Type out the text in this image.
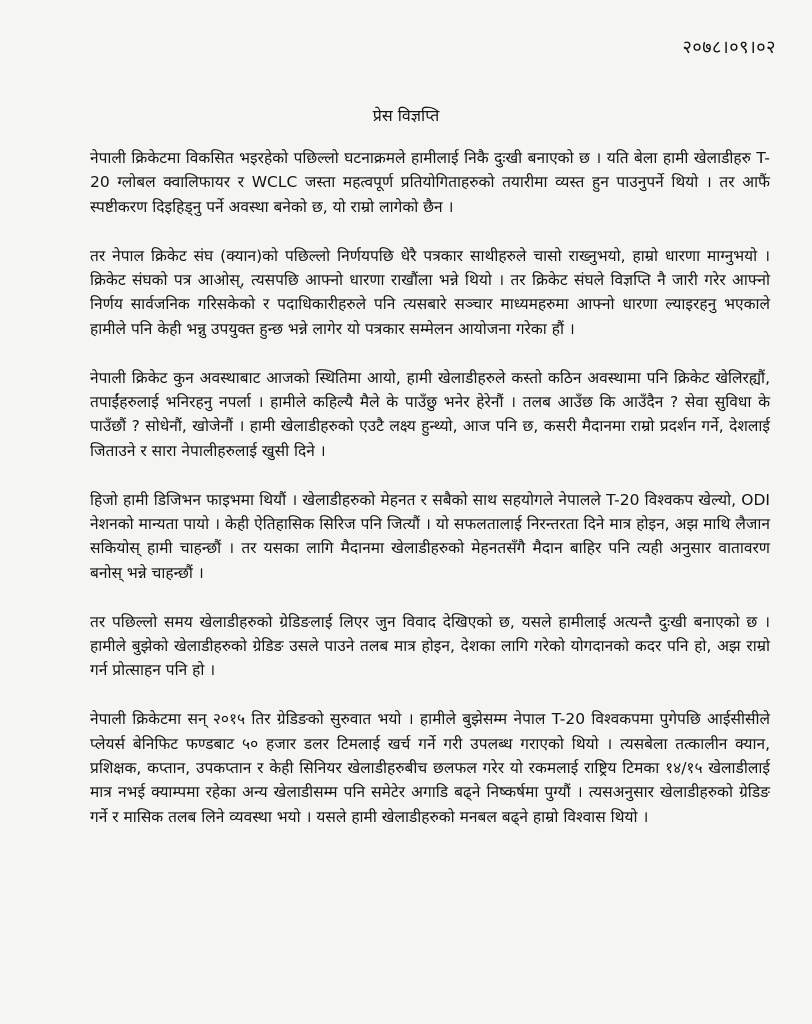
२०७८।०९।०२
प्रेस विज्ञप्ति

नेपाली क्रिकेटमा विकसित भइरहेको पछिल्लो घटनाक्रमले हामीलाई निकै दुःखी बनाएको छ । यति बेला हामी खेलाडीहरु T-20 ग्लोबल क्वालिफायर र WCLC जस्ता महत्वपूर्ण प्रतियोगिताहरुको तयारीमा व्यस्त हुन पाउनुपर्ने थियो । तर आफैं स्पष्टीकरण दिइहिड्नु पर्ने अवस्था बनेको छ, यो राम्रो लागेको छैन ।

तर नेपाल क्रिकेट संघ (क्यान)को पछिल्लो निर्णयपछि धेरै पत्रकार साथीहरुले चासो राख्नुभयो, हाम्रो धारणा माग्नुभयो । क्रिकेट संघको पत्र आओस्, त्यसपछि आफ्नो धारणा राखौंला भन्ने थियो । तर क्रिकेट संघले विज्ञप्ति नै जारी गरेर आफ्नो निर्णय सार्वजनिक गरिसकेको र पदाधिकारीहरुले पनि त्यसबारे सञ्चार माध्यमहरुमा आफ्नो धारणा ल्याइरहनु भएकाले हामीले पनि केही भन्नु उपयुक्त हुन्छ भन्ने लागेर यो पत्रकार सम्मेलन आयोजना गरेका हौं ।

नेपाली क्रिकेट कुन अवस्थाबाट आजको स्थितिमा आयो, हामी खेलाडीहरुले कस्तो कठिन अवस्थामा पनि क्रिकेट खेलिरह्यौं, तपाईंहरुलाई भनिरहनु नपर्ला । हामीले कहिल्यै मैले के पाउँछु भनेर हेरेनौं । तलब आउँछ कि आउँदैन ? सेवा सुविधा के पाउँछौं ? सोधेनौं, खोजेनौं । हामी खेलाडीहरुको एउटै लक्ष्य हुन्थ्यो, आज पनि छ, कसरी मैदानमा राम्रो प्रदर्शन गर्ने, देशलाई जिताउने र सारा नेपालीहरुलाई खुसी दिने ।

हिजो हामी डिजिभन फाइभमा थियौं । खेलाडीहरुको मेहनत र सबैको साथ सहयोगले नेपालले T-20 विश्वकप खेल्यो, ODI नेशनको मान्यता पायो । केही ऐतिहासिक सिरिज पनि जित्यौं । यो सफलतालाई निरन्तरता दिने मात्र होइन, अझ माथि लैजान सकियोस् हामी चाहन्छौं । तर यसका लागि मैदानमा खेलाडीहरुको मेहनतसँगै मैदान बाहिर पनि त्यही अनुसार वातावरण बनोस् भन्ने चाहन्छौं ।

तर पछिल्लो समय खेलाडीहरुको ग्रेडिङलाई लिएर जुन विवाद देखिएको छ, यसले हामीलाई अत्यन्तै दुःखी बनाएको छ । हामीले बुझेको खेलाडीहरुको ग्रेडिङ उसले पाउने तलब मात्र होइन, देशका लागि गरेको योगदानको कदर पनि हो, अझ राम्रो गर्न प्रोत्साहन पनि हो ।

नेपाली क्रिकेटमा सन् २०१५ तिर ग्रेडिङको सुरुवात भयो । हामीले बुझेसम्म नेपाल T-20 विश्वकपमा पुगेपछि आईसीसीले प्लेयर्स बेनिफिट फण्डबाट ५० हजार डलर टिमलाई खर्च गर्ने गरी उपलब्ध गराएको थियो । त्यसबेला तत्कालीन क्यान, प्रशिक्षक, कप्तान, उपकप्तान र केही सिनियर खेलाडीहरुबीच छलफल गरेर यो रकमलाई राष्ट्रिय टिमका १४/१५ खेलाडीलाई मात्र नभई क्याम्पमा रहेका अन्य खेलाडीसम्म पनि समेटेर अगाडि बढ्ने निष्कर्षमा पुग्यौं । त्यसअनुसार खेलाडीहरुको ग्रेडिङ गर्ने र मासिक तलब लिने व्यवस्था भयो । यसले हामी खेलाडीहरुको मनबल बढ्ने हाम्रो विश्वास थियो ।
